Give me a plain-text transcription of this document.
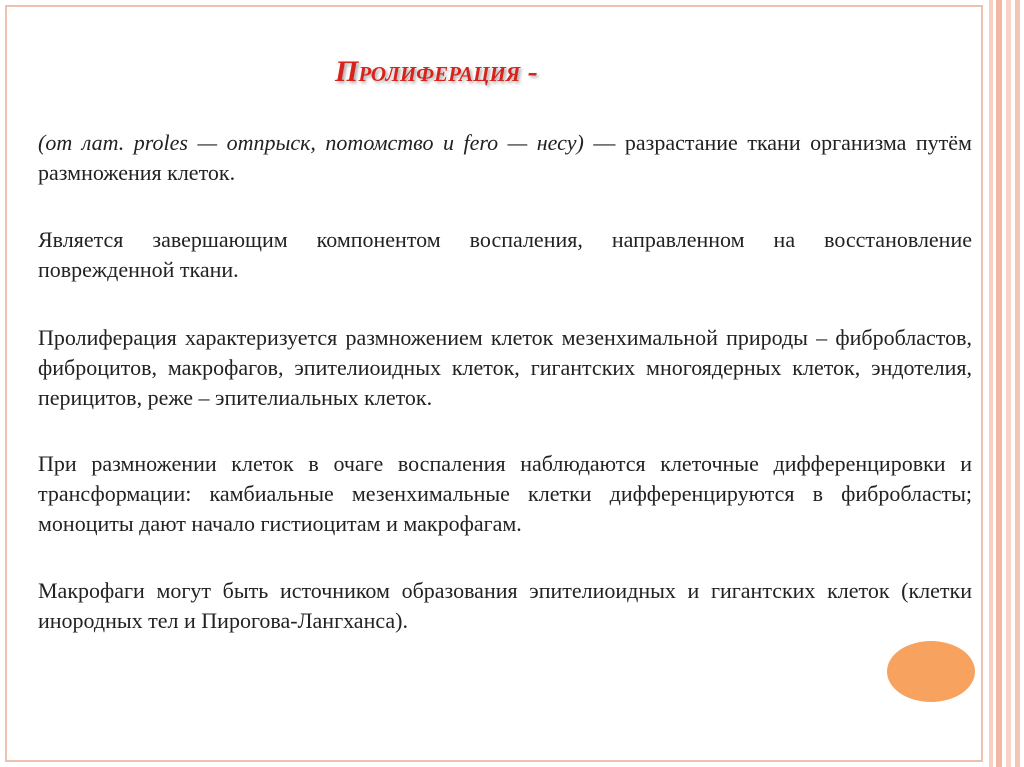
Пролиферация -

(от лат. proles — отпрыск, потомство и fero — несу) — разрастание ткани организма путём размножения клеток.

Является завершающим компонентом воспаления, направленном на восстановление поврежденной ткани.

Пролиферация характеризуется размножением клеток мезенхимальной природы – фибробластов, фиброцитов, макрофагов, эпителиоидных клеток, гигантских многоядерных клеток, эндотелия, перицитов, реже – эпителиальных клеток.

При размножении клеток в очаге воспаления наблюдаются клеточные дифференцировки и трансформации: камбиальные мезенхимальные клетки дифференцируются в фибробласты; моноциты дают начало гистиоцитам и макрофагам.

Макрофаги могут быть источником образования эпителиоидных и гигантских клеток (клетки инородных тел и Пирогова-Лангханса).
